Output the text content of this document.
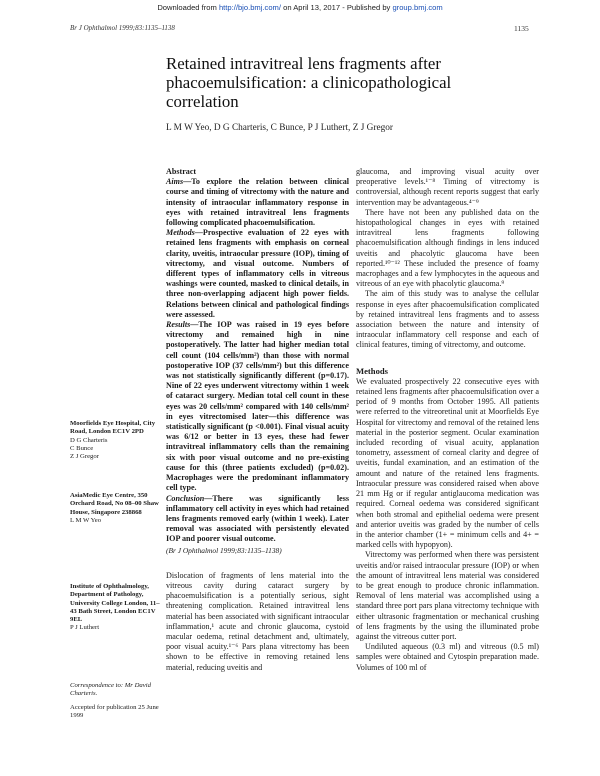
Downloaded from http://bjo.bmj.com/ on April 13, 2017 - Published by group.bmj.com
Br J Ophthalmol 1999;83:1135–1138	1135
Retained intravitreal lens fragments after phacoemulsification: a clinicopathological correlation
L M W Yeo, D G Charteris, C Bunce, P J Luthert, Z J Gregor
Moorfields Eye Hospital, City Road, London EC1V 2PD
D G Charteris
C Bunce
Z J Gregor
AsiaMedic Eye Centre, 350 Orchard Road, No 08–00 Shaw House, Singapore 238868
L M W Yeo
Institute of Ophthalmology, Department of Pathology, University College London, 11–43 Bath Street, London EC1V 9EL
P J Luthert
Correspondence to: Mr David Charteris.
Accepted for publication 25 June 1999
Abstract

Aims—To explore the relation between clinical course and timing of vitrectomy with the nature and intensity of intraocular inflammatory response in eyes with retained intravitreal lens fragments following complicated phacoemulsification.

Methods—Prospective evaluation of 22 eyes with retained lens fragments with emphasis on corneal clarity, uveitis, intraocular pressure (IOP), timing of vitrectomy, and visual outcome. Numbers of different types of inflammatory cells in vitreous washings were counted, masked to clinical details, in three non-overlapping adjacent high power fields. Relations between clinical and pathological findings were assessed.

Results—The IOP was raised in 19 eyes before vitrectomy and remained high in nine postoperatively. The latter had higher median total cell count (104 cells/mm²) than those with normal postoperative IOP (37 cells/mm²) but this difference was not statistically significantly different (p=0.17). Nine of 22 eyes underwent vitrectomy within 1 week of cataract surgery. Median total cell count in these eyes was 20 cells/mm² compared with 140 cells/mm² in eyes vitrectomised later—this difference was statistically significant (p <0.001). Final visual acuity was 6/12 or better in 13 eyes, these had fewer intravitreal inflammatory cells than the remaining six with poor visual outcome and no pre-existing cause for this (three patients excluded) (p=0.02). Macrophages were the predominant inflammatory cell type.

Conclusion—There was significantly less inflammatory cell activity in eyes which had retained lens fragments removed early (within 1 week). Later removal was associated with persistently elevated IOP and poorer visual outcome.

(Br J Ophthalmol 1999;83:1135–1138)

Dislocation of fragments of lens material into the vitreous cavity during cataract surgery by phacoemulsification is a potentially serious, sight threatening complication. Retained intravitreal lens material has been associated with significant intraocular inflammation,¹ acute and chronic glaucoma, cystoid macular oedema, retinal detachment and, ultimately, poor visual acuity.¹⁻⁶ Pars plana vitrectomy has been shown to be effective in removing retained lens material, reducing uveitis and

glaucoma, and improving visual acuity over preoperative levels.¹⁻⁸ Timing of vitrectomy is controversial, although recent reports suggest that early intervention may be advantageous.⁴⁻⁹

There have not been any published data on the histopathological changes in eyes with retained intravitreal lens fragments following phacoemulsification although findings in lens induced uveitis and phacolytic glaucoma have been reported.¹⁰⁻¹² These included the presence of foamy macrophages and a few lymphocytes in the aqueous and vitreous of an eye with phacolytic glaucoma.⁹

The aim of this study was to analyse the cellular response in eyes after phacoemulsification complicated by retained intravitreal lens fragments and to assess association between the nature and intensity of intraocular inflammatory cell response and each of clinical features, timing of vitrectomy, and outcome.

Methods

We evaluated prospectively 22 consecutive eyes with retained lens fragments after phacoemulsification over a period of 9 months from October 1995. All patients were referred to the vitreoretinal unit at Moorfields Eye Hospital for vitrectomy and removal of the retained lens material in the posterior segment. Ocular examination included recording of visual acuity, applanation tonometry, assessment of corneal clarity and degree of uveitis, fundal examination, and an estimation of the amount and nature of the retained lens fragments. Intraocular pressure was considered raised when above 21 mm Hg or if regular antiglaucoma medication was required. Corneal oedema was considered significant when both stromal and epithelial oedema were present and anterior uveitis was graded by the number of cells in the anterior chamber (1+ = minimum cells and 4+ = marked cells with hypopyon).

Vitrectomy was performed when there was persistent uveitis and/or raised intraocular pressure (IOP) or when the amount of intravitreal lens material was considered to be great enough to produce chronic inflammation. Removal of lens material was accomplished using a standard three port pars plana vitrectomy technique with either ultrasonic fragmentation or mechanical crushing of lens fragments by the using the illuminated probe against the vitreous cutter port.

Undiluted aqueous (0.3 ml) and vitreous (0.5 ml) samples were obtained and Cytospin preparation made. Volumes of 100 ml of
